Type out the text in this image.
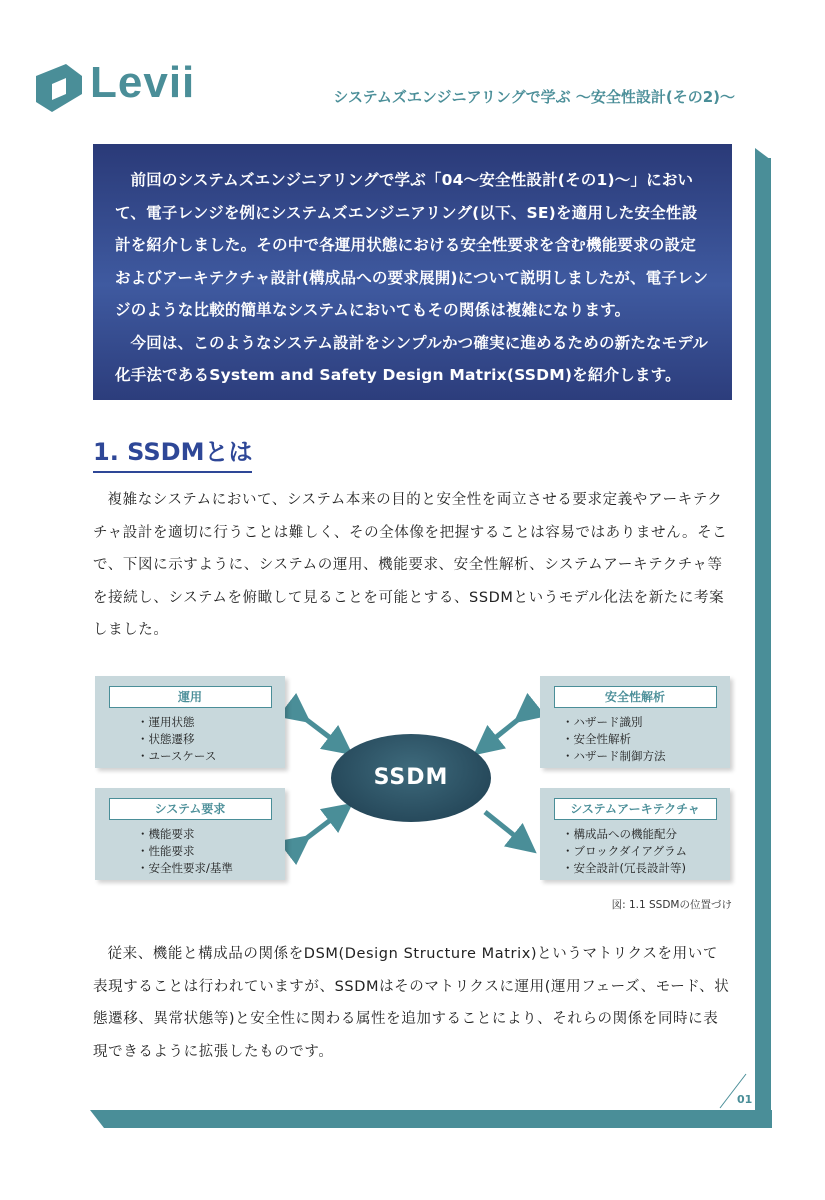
Levii	システムズエンジニアリングで学ぶ 〜安全性設計(その2)〜

前回のシステムズエンジニアリングで学ぶ「04〜安全性設計(その1)〜」において、電子レンジを例にシステムズエンジニアリング(以下、SE)を適用した安全性設計を紹介しました。その中で各運用状態における安全性要求を含む機能要求の設定およびアーキテクチャ設計(構成品への要求展開)について説明しましたが、電子レンジのような比較的簡単なシステムにおいてもその関係は複雑になります。

今回は、このようなシステム設計をシンプルかつ確実に進めるための新たなモデル化手法であるSystem and Safety Design Matrix(SSDM)を紹介します。

1. SSDMとは

複雑なシステムにおいて、システム本来の目的と安全性を両立させる要求定義やアーキテクチャ設計を適切に行うことは難しく、その全体像を把握することは容易ではありません。そこで、下図に示すように、システムの運用、機能要求、安全性解析、システムアーキテクチャ等を接続し、システムを俯瞰して見ることを可能とする、SSDMというモデル化法を新たに考案しました。

運用
・運用状態
・状態遷移
・ユースケース
システム要求
・機能要求
・性能要求
・安全性要求/基準
安全性解析
・ハザード識別
・安全性解析
・ハザード制御方法
システムアーキテクチャ
・構成品への機能配分
・ブロックダイアグラム
・安全設計(冗長設計等)
SSDM
図: 1.1 SSDMの位置づけ

従来、機能と構成品の関係をDSM(Design Structure Matrix)というマトリクスを用いて表現することは行われていますが、SSDMはそのマトリクスに運用(運用フェーズ、モード、状態遷移、異常状態等)と安全性に関わる属性を追加することにより、それらの関係を同時に表現できるように拡張したものです。

01
